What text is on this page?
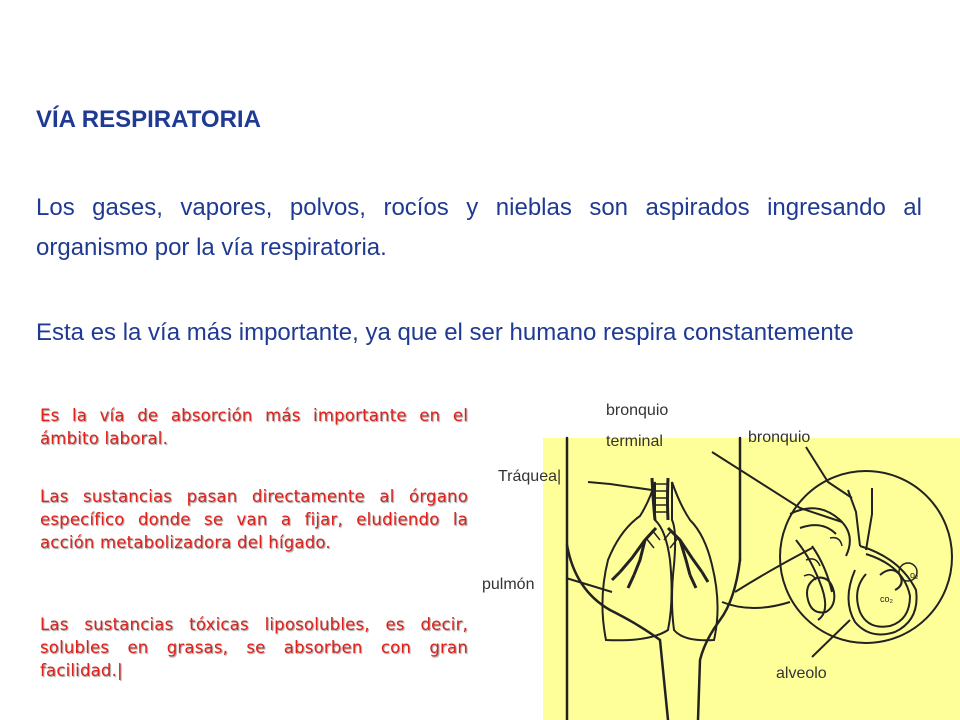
VÍA RESPIRATORIA
Los gases, vapores, polvos, rocíos y nieblas son aspirados ingresando al organismo por la vía respiratoria.
Esta es la vía más importante, ya que el ser humano respira constantemente
Es la vía de absorción más importante en el ámbito laboral.
Las sustancias pasan directamente al órgano específico donde se van a fijar, eludiendo la acción metabolizadora del hígado.
Las sustancias tóxicas liposolubles, es decir, solubles en grasas, se absorben con gran facilidad.|
o₂
co₂
bronquio
terminal	bronquio
Tráquea|
pulmón
alveolo
